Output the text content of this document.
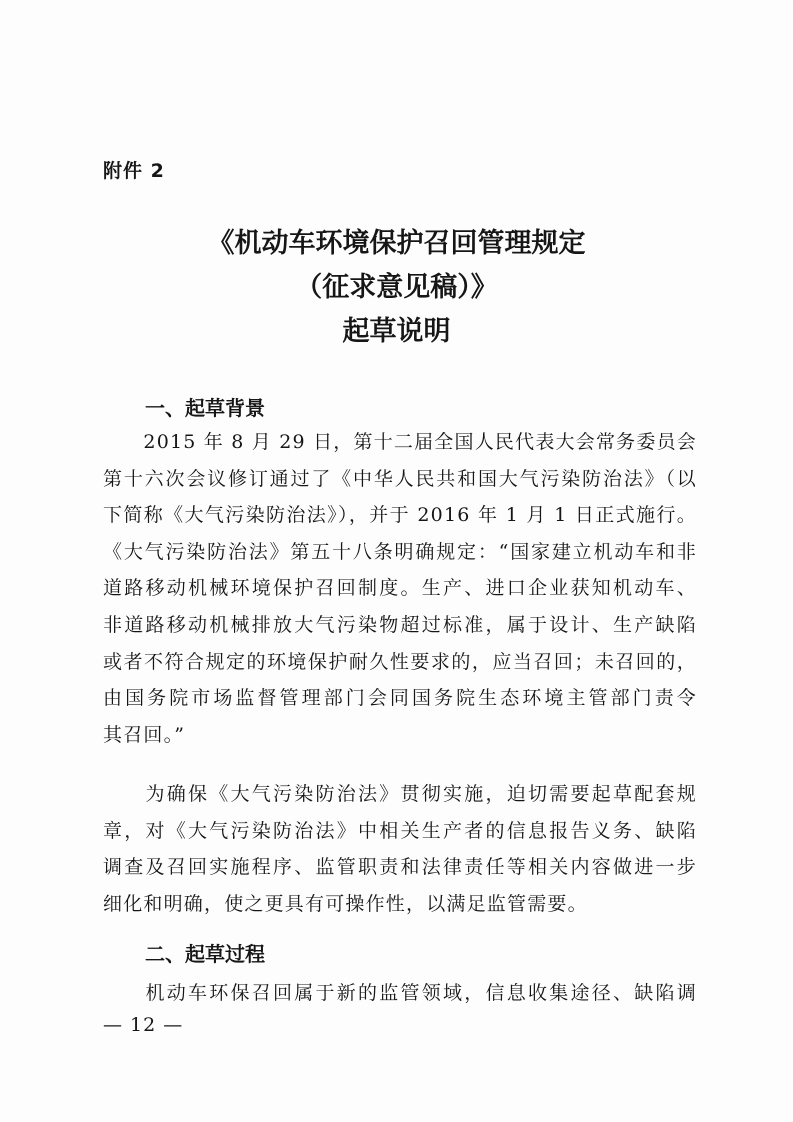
附件 2
《机动车环境保护召回管理规定
（征求意见稿）》
起草说明
一、起草背景
　　2015 年 8 月 29 日，第十二届全国人民代表大会常务委员会
第十六次会议修订通过了《中华人民共和国大气污染防治法》（以
下简称《大气污染防治法》），并于 2016 年 1 月 1 日正式施行。
《大气污染防治法》第五十八条明确规定：“国家建立机动车和非
道路移动机械环境保护召回制度。生产、进口企业获知机动车、
非道路移动机械排放大气污染物超过标准，属于设计、生产缺陷
或者不符合规定的环境保护耐久性要求的，应当召回；未召回的，
由国务院市场监督管理部门会同国务院生态环境主管部门责令
其召回。”
　　为确保《大气污染防治法》贯彻实施，迫切需要起草配套规
章，对《大气污染防治法》中相关生产者的信息报告义务、缺陷
调查及召回实施程序、监管职责和法律责任等相关内容做进一步
细化和明确，使之更具有可操作性，以满足监管需要。
二、起草过程
　　机动车环保召回属于新的监管领域，信息收集途径、缺陷调
— 12 —
